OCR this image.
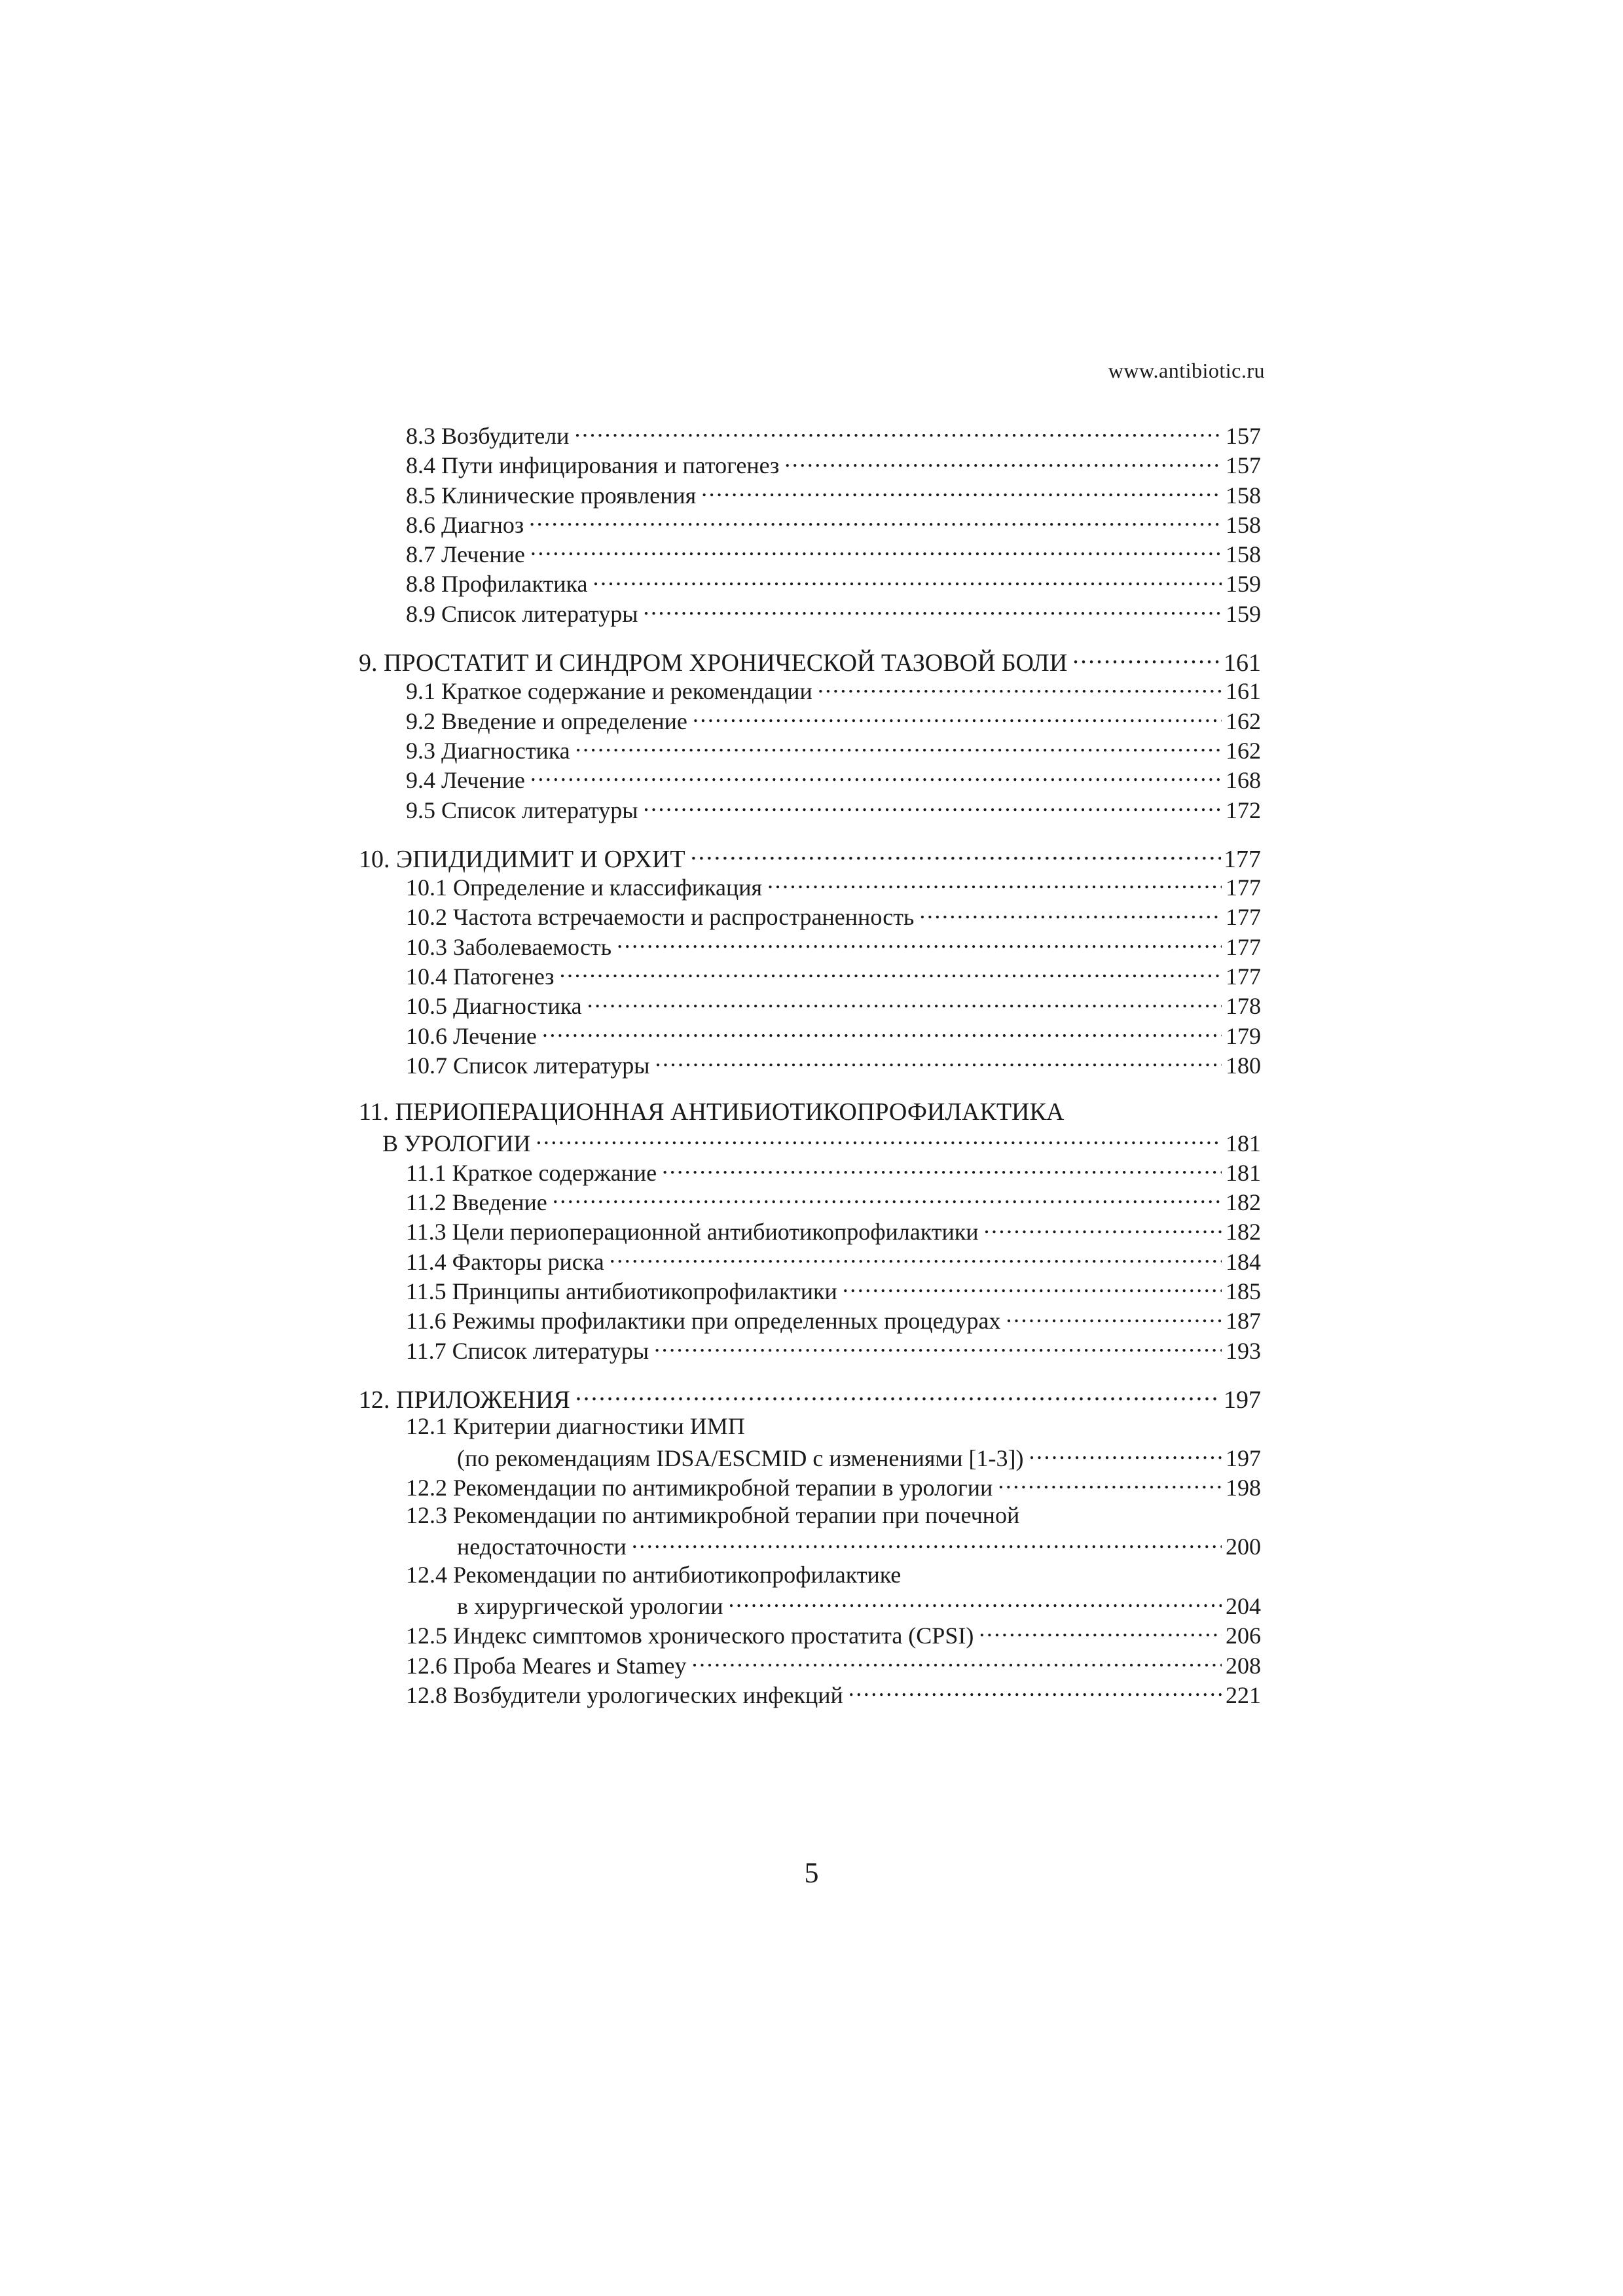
www.antibiotic.ru
8.3 Возбудители .....	157
8.4 Пути инфицирования и патогенез .....	157
8.5 Клинические проявления .....	158
8.6 Диагноз .....	158
8.7 Лечение .....	158
8.8 Профилактика .....	159
8.9 Список литературы .....	159
9. ПРОСТАТИТ И СИНДРОМ ХРОНИЧЕСКОЙ ТАЗОВОЙ БОЛИ .....	161
9.1 Краткое содержание и рекомендации .....	161
9.2 Введение и определение .....	162
9.3 Диагностика .....	162
9.4 Лечение .....	168
9.5 Список литературы .....	172
10. ЭПИДИДИМИТ И ОРХИТ .....	177
10.1 Определение и классификация .....	177
10.2 Частота встречаемости и распространенность .....	177
10.3 Заболеваемость .....	177
10.4 Патогенез .....	177
10.5 Диагностика .....	178
10.6 Лечение .....	179
10.7 Список литературы .....	180
11. ПЕРИОПЕРАЦИОННАЯ АНТИБИОТИКОПРОФИЛАКТИКА
В УРОЛОГИИ .....	181
11.1 Краткое содержание .....	181
11.2 Введение .....	182
11.3 Цели периоперационной антибиотикопрофилактики .....	182
11.4 Факторы риска .....	184
11.5 Принципы антибиотикопрофилактики .....	185
11.6 Режимы профилактики при определенных процедурах .....	187
11.7 Список литературы .....	193
12. ПРИЛОЖЕНИЯ .....	197
12.1 Критерии диагностики ИМП
(по рекомендациям IDSA/ESCMID с изменениями [1-3]) .....	197
12.2 Рекомендации по антимикробной терапии в урологии .....	198
12.3 Рекомендации по антимикробной терапии при почечной
недостаточности .....	200
12.4 Рекомендации по антибиотикопрофилактике
в хирургической урологии .....	204
12.5 Индекс симптомов хронического простатита (CPSI) .....	206
12.6 Проба Meares и Stamey .....	208
12.8 Возбудители урологических инфекций .....	221
5
